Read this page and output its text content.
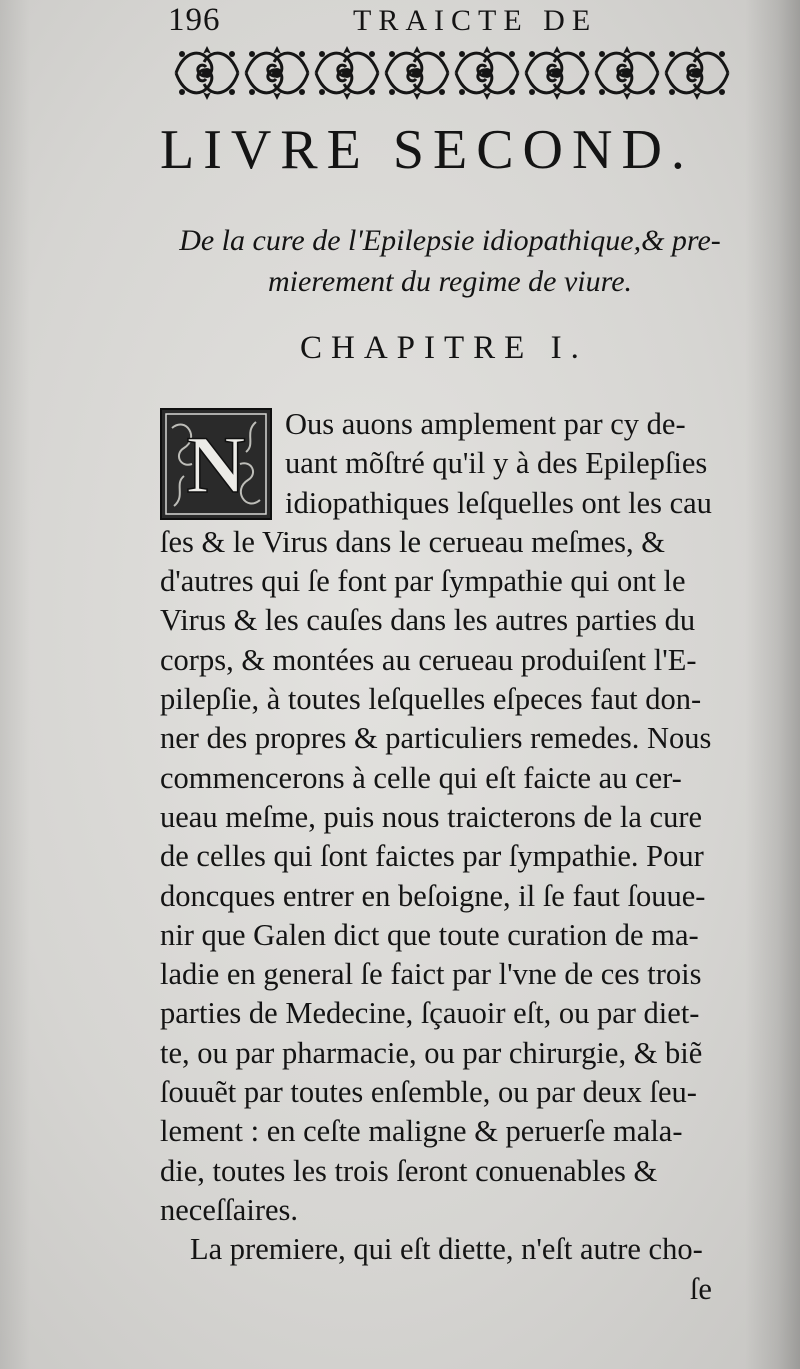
196	TRAICTE DE
LIVRE SECOND.
De la cure de l'Epilepsie idiopathique,& pre-
mierement du regime de viure.
CHAPITRE I.
N	Ous auons amplement par cy de-
uant mõſtré qu'il y à des Epilepſies
idiopathiques leſquelles ont les cau
ſes & le Virus dans le cerueau meſmes, &
d'autres qui ſe font par ſympathie qui ont le
Virus & les cauſes dans les autres parties du
corps, & montées au cerueau produiſent l'E-
pilepſie, à toutes leſquelles eſpeces faut don-
ner des propres & particuliers remedes. Nous
commencerons à celle qui eſt faicte au cer-
ueau meſme, puis nous traicterons de la cure
de celles qui ſont faictes par ſympathie. Pour
doncques entrer en beſoigne, il ſe faut ſouue-
nir que Galen dict que toute curation de ma-
ladie en general ſe faict par l'vne de ces trois
parties de Medecine, ſçauoir eſt, ou par diet-
te, ou par pharmacie, ou par chirurgie, & biẽ
ſouuẽt par toutes enſemble, ou par deux ſeu-
lement : en ceſte maligne & peruerſe mala-
die, toutes les trois ſeront conuenables &
neceſſaires.
La premiere, qui eſt diette, n'eſt autre cho-
ſe
